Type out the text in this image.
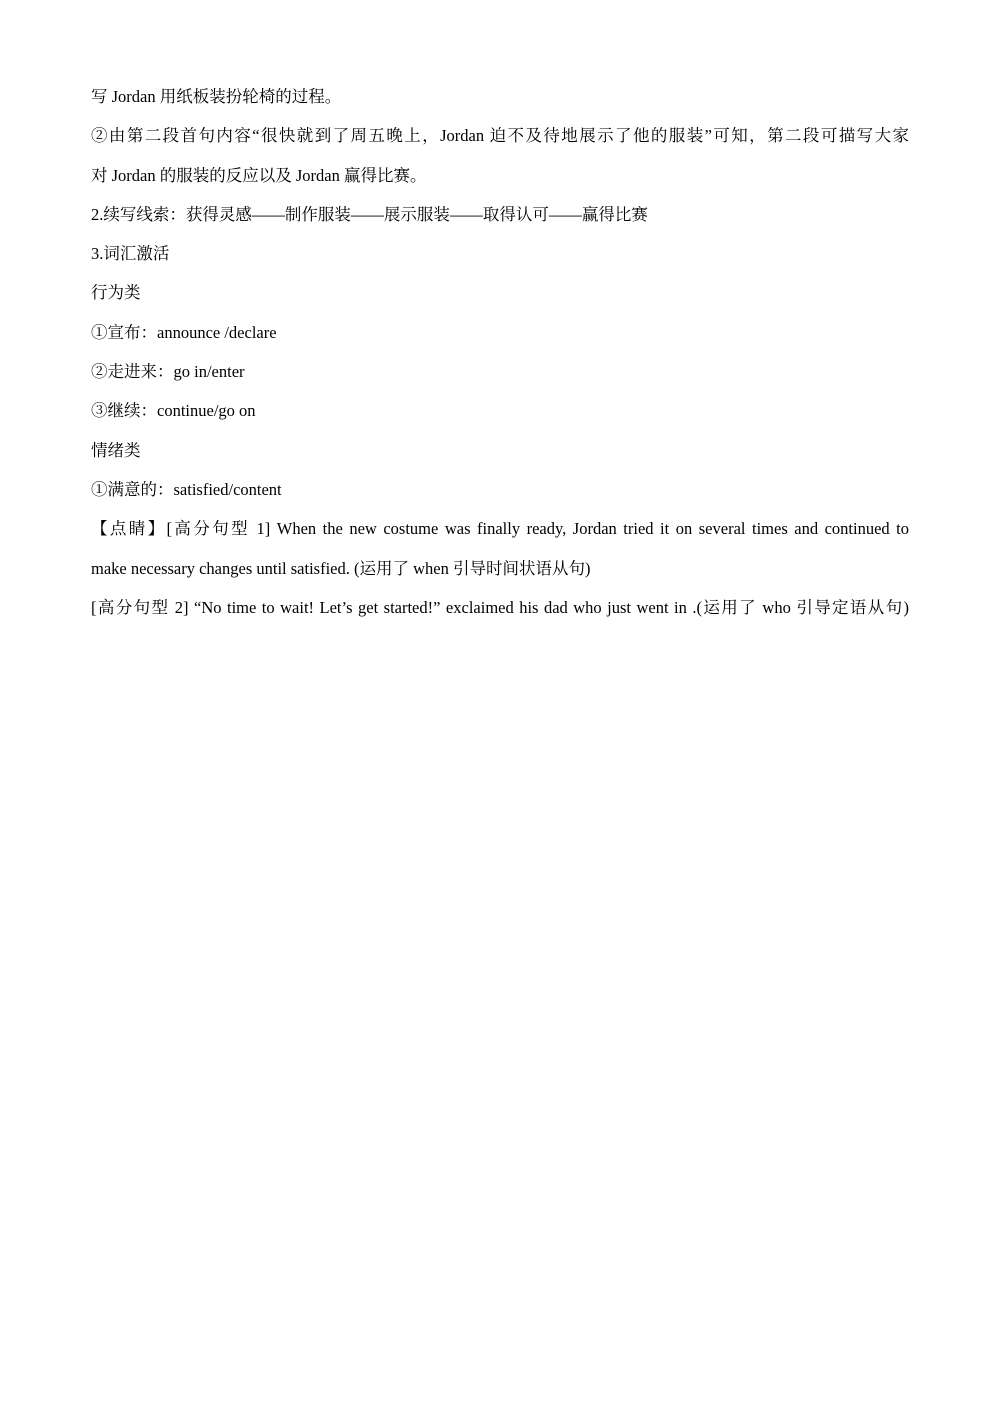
写 Jordan 用纸板装扮轮椅的过程。
②由第二段首句内容“很快就到了周五晚上，Jordan 迫不及待地展示了他的服装”可知，第二段可描写大家
对 Jordan 的服装的反应以及 Jordan 赢得比赛。
2.续写线索：获得灵感——制作服装——展示服装——取得认可——赢得比赛
3.词汇激活
行为类
①宣布：announce /declare
②走进来：go in/enter
③继续：continue/go on
情绪类
①满意的：satisfied/content
【点睛】[高分句型 1] When the new costume was finally ready, Jordan tried it on several times and continued to
make necessary changes until satisfied. (运用了 when 引导时间状语从句)
[高分句型 2] “No time to wait! Let’s get started!” exclaimed his dad who just went in .(运用了 who 引导定语从句)
